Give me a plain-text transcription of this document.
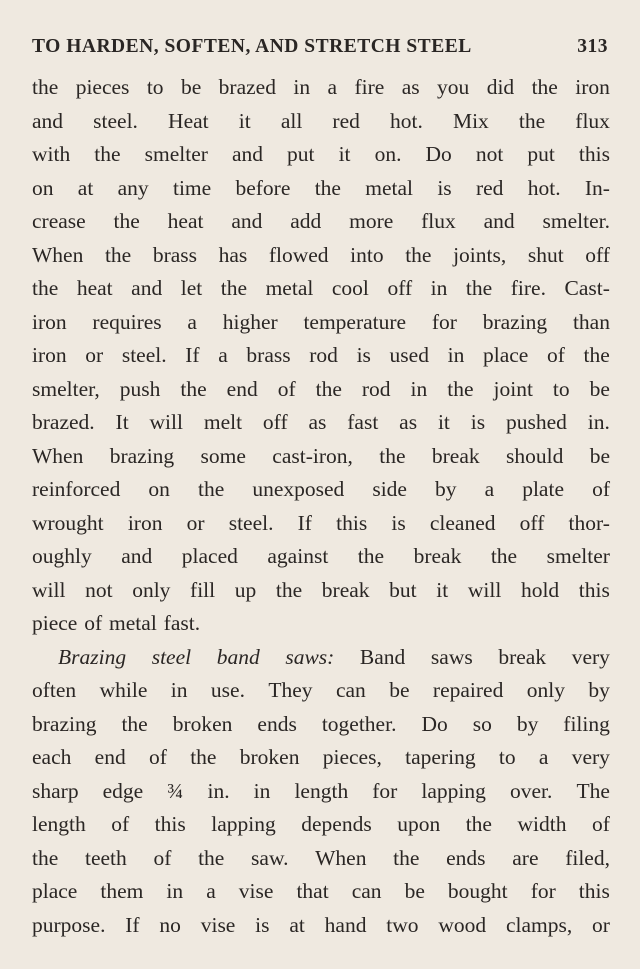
TO HARDEN, SOFTEN, AND STRETCH STEEL	313
the pieces to be brazed in a fire as you did the iron
and steel. Heat it all red hot. Mix the flux
with the smelter and put it on. Do not put this
on at any time before the metal is red hot. In-
crease the heat and add more flux and smelter.
When the brass has flowed into the joints, shut off
the heat and let the metal cool off in the fire. Cast-
iron requires a higher temperature for brazing than
iron or steel. If a brass rod is used in place of the
smelter, push the end of the rod in the joint to be
brazed. It will melt off as fast as it is pushed in.
When brazing some cast-iron, the break should be
reinforced on the unexposed side by a plate of
wrought iron or steel. If this is cleaned off thor-
oughly and placed against the break the smelter
will not only fill up the break but it will hold this
piece of metal fast.
Brazing steel band saws: Band saws break very
often while in use. They can be repaired only by
brazing the broken ends together. Do so by filing
each end of the broken pieces, tapering to a very
sharp edge ¾ in. in length for lapping over. The
length of this lapping depends upon the width of
the teeth of the saw. When the ends are filed,
place them in a vise that can be bought for this
purpose. If no vise is at hand two wood clamps, or
